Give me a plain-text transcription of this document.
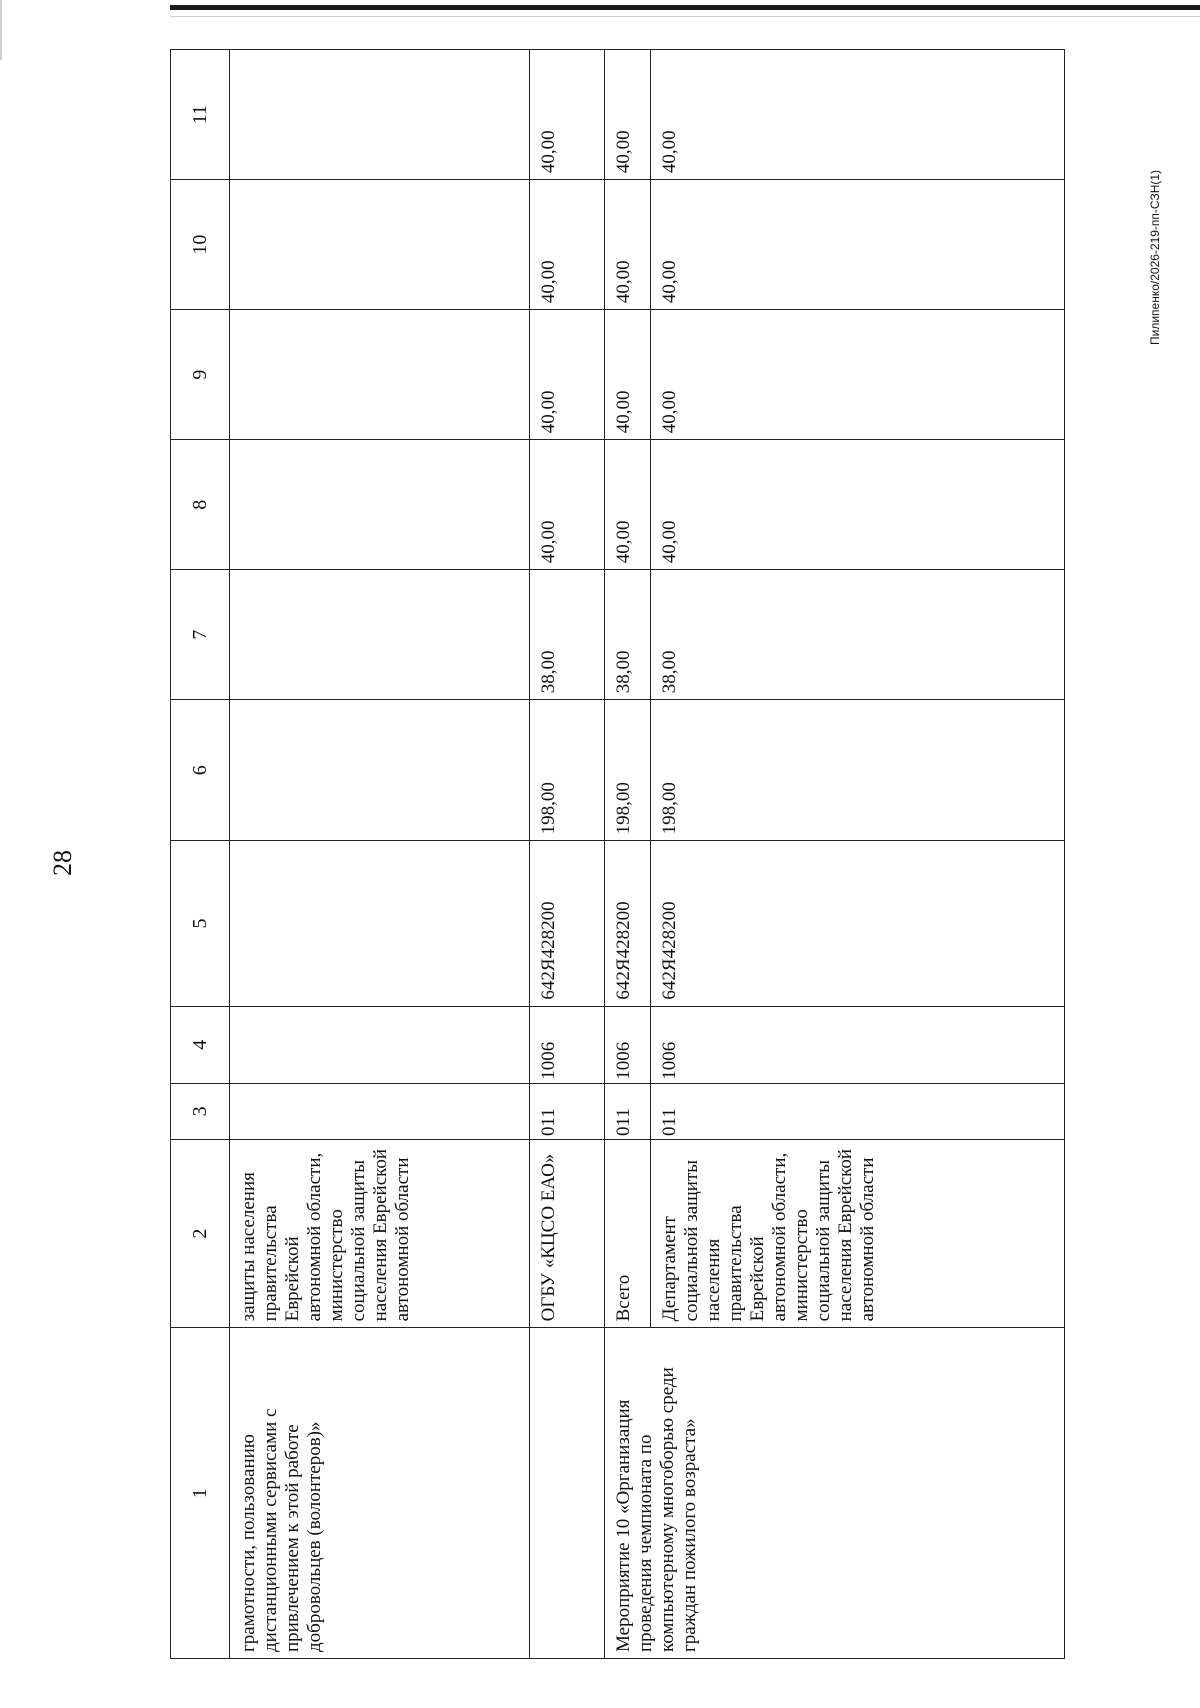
28
Пилипенко/2026-219-пп-СЗН(1)
1	2	3	4	5	6	7	8	9	10	11
грамотности, пользованию дистанционными сервисами с привлечением к этой работе добровольцев (волонтеров)»	защиты населения правительства Еврейской автономной области, министерство социальной защиты населения Еврейской автономной области									
	ОГБУ «КЦСО ЕАО»	011	1006	642Я428200	198,00	38,00	40,00	40,00	40,00	40,00
Мероприятие 10 «Организация проведения чемпионата по компьютерному многоборью среди граждан пожилого возраста»	Всего	011	1006	642Я428200	198,00	38,00	40,00	40,00	40,00	40,00
	Департамент социальной защиты населения правительства Еврейской автономной области, министерство социальной защиты населения Еврейской автономной области	011	1006	642Я428200	198,00	38,00	40,00	40,00	40,00	40,00
